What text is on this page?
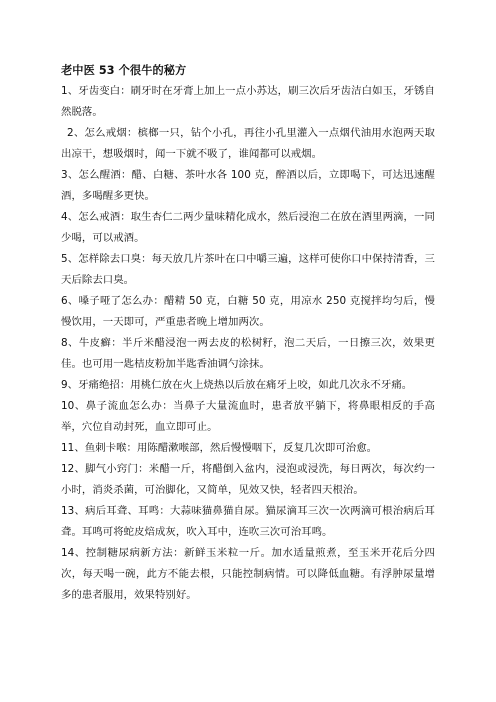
老中医 53 个很牛的秘方

1、牙齿变白：刷牙时在牙膏上加上一点小苏达，刷三次后牙齿洁白如玉，牙锈自然脱落。

2、怎么戒烟：槟榔一只，钻个小孔，再往小孔里灌入一点烟代油用水泡两天取出凉干，想吸烟时，闻一下就不吸了，谁闻都可以戒烟。

3、怎么醒酒：醋、白糖、茶叶水各 100 克，醉酒以后，立即喝下，可达迅速醒酒，多喝醒多更快。

4、怎么戒酒：取生杏仁二两少量味精化成水，然后浸泡二在放在酒里两滴，一同少喝，可以戒酒。

5、怎样除去口臭：每天放几片茶叶在口中嚼三遍，这样可使你口中保持清香，三天后除去口臭。

6、嗓子哑了怎么办：醋精 50 克，白糖 50 克，用凉水 250 克搅拌均匀后，慢慢饮用，一天即可，严重患者晚上增加两次。

8、牛皮癣：半斤米醋浸泡一两去皮的松树籽，泡二天后，一日擦三次，效果更佳。也可用一匙桔皮粉加半匙香油调勺涂抹。

9、牙痛绝招：用桃仁放在火上烧热以后放在痛牙上咬，如此几次永不牙痛。

10、鼻子流血怎么办：当鼻子大量流血时，患者放平躺下，将鼻眼相反的手高举，穴位自动封死，血立即可止。

11、鱼刺卡喉：用陈醋漱喉部，然后慢慢咽下，反复几次即可治愈。

12、脚气小窍门：米醋一斤，将醋倒入盆内，浸泡或浸洗，每日两次，每次约一小时，消炎杀菌，可治脚化，又简单，见效又快，轻者四天根治。

13、病后耳聋、耳鸣：大蒜味猫鼻猫自尿。猫尿滴耳三次一次两滴可根治病后耳聋。耳鸣可将蛇皮焙成灰，吹入耳中，连吹三次可治耳鸣。

14、控制糖尿病新方法：新鲜玉米粒一斤。加水适量煎煮，至玉米开花后分四次，每天喝一碗，此方不能去根，只能控制病情。可以降低血糖。有浮肿尿量增多的患者服用，效果特别好。
